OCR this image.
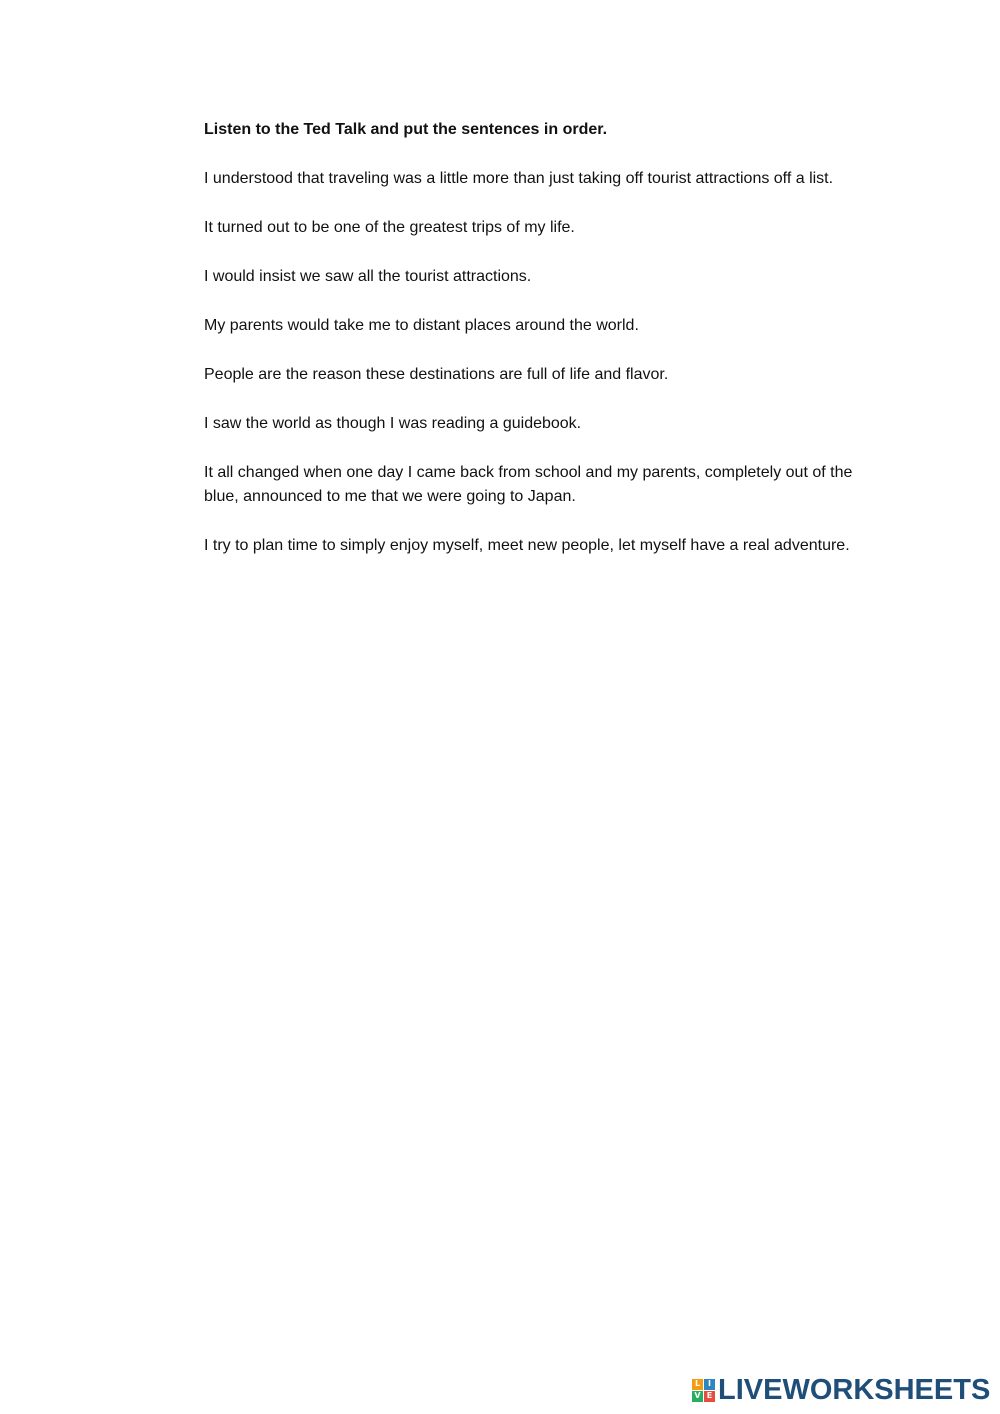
Listen to the Ted Talk and put the sentences in order.

I understood that traveling was a little more than just taking off tourist attractions off a list.
It turned out to be one of the greatest trips of my life.
I would insist we saw all the tourist attractions.
My parents would take me to distant places around the world.
People are the reason these destinations are full of life and flavor.
I saw the world as though I was reading a guidebook.
It all changed when one day I came back from school and my parents, completely out of the blue, announced to me that we were going to Japan.
I try to plan time to simply enjoy myself, meet new people, let myself have a real adventure.
L I
V E LIVEWORKSHEETS
